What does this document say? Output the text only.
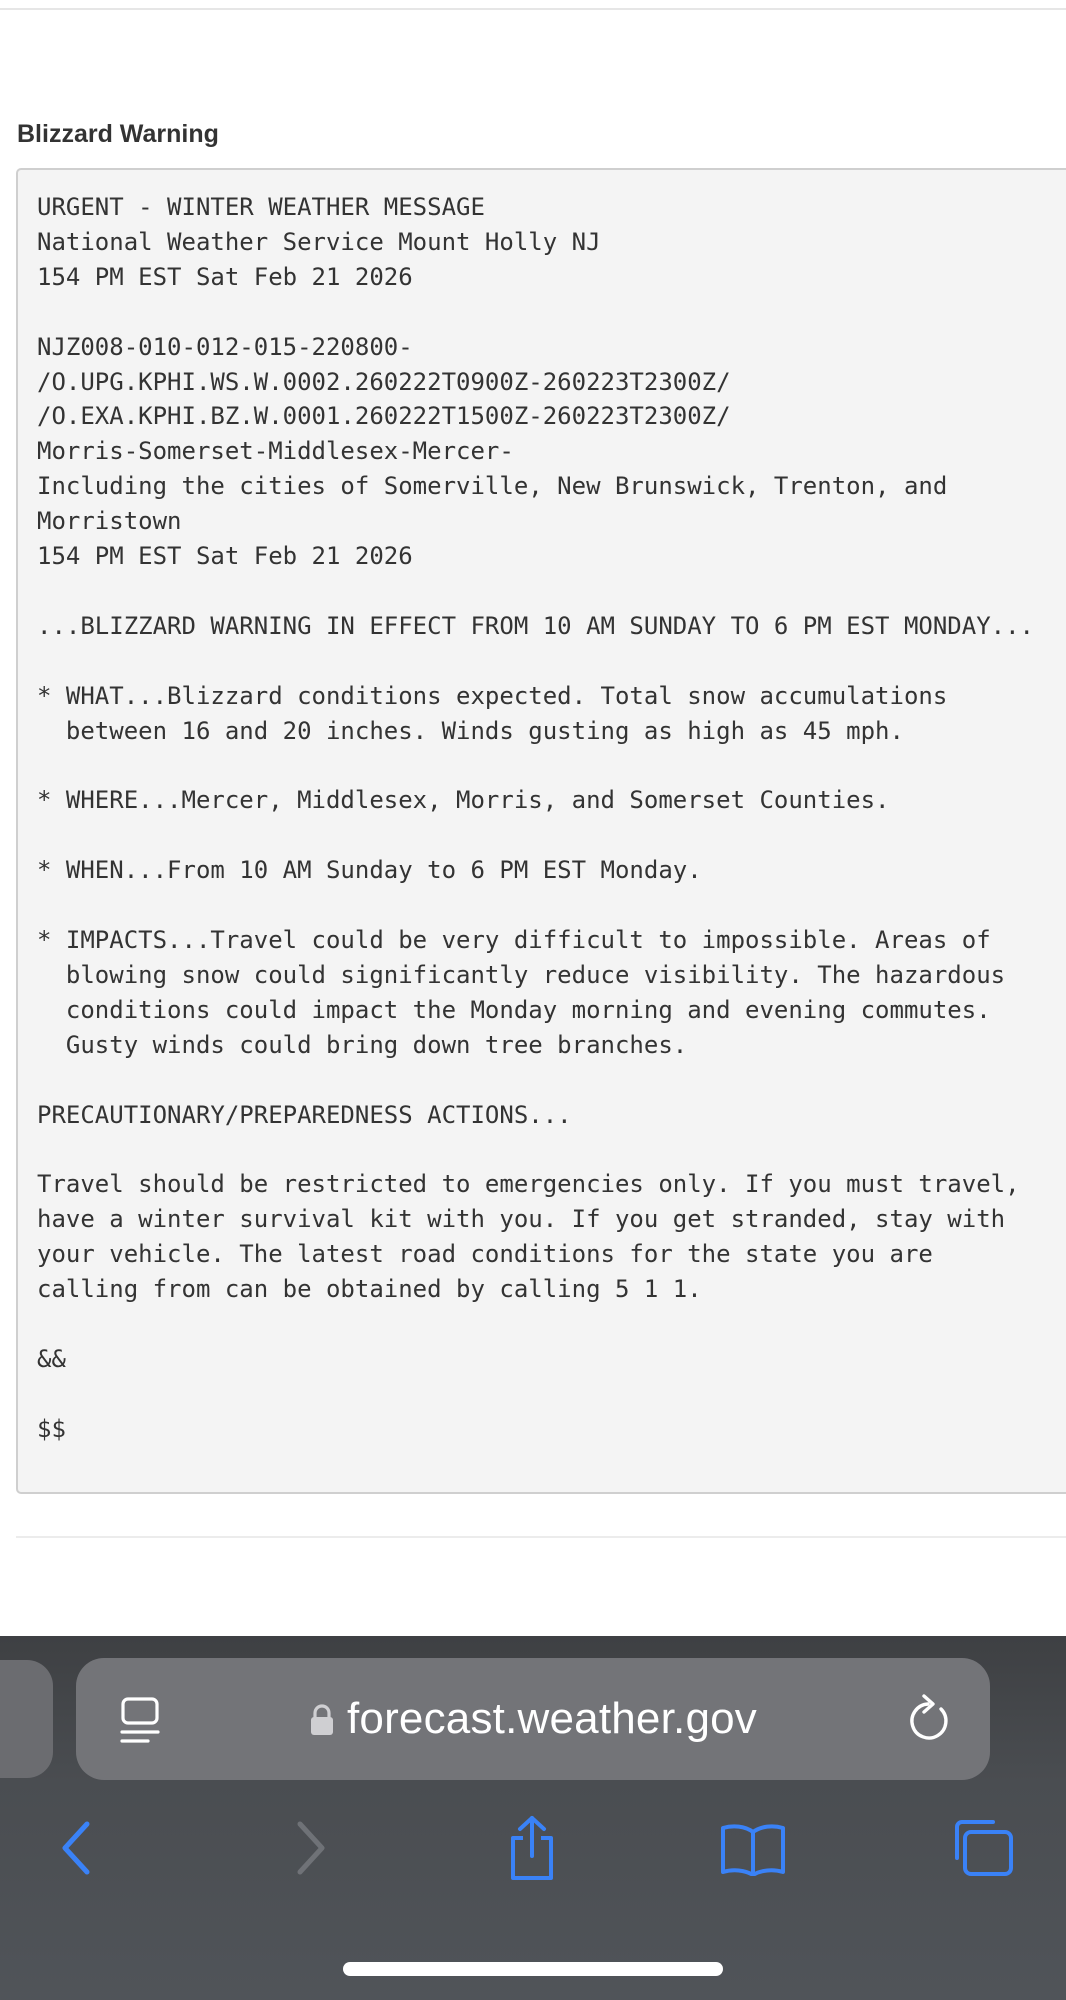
Blizzard Warning
URGENT - WINTER WEATHER MESSAGE
National Weather Service Mount Holly NJ
154 PM EST Sat Feb 21 2026

NJZ008-010-012-015-220800-
/O.UPG.KPHI.WS.W.0002.260222T0900Z-260223T2300Z/
/O.EXA.KPHI.BZ.W.0001.260222T1500Z-260223T2300Z/
Morris-Somerset-Middlesex-Mercer-
Including the cities of Somerville, New Brunswick, Trenton, and
Morristown
154 PM EST Sat Feb 21 2026

...BLIZZARD WARNING IN EFFECT FROM 10 AM SUNDAY TO 6 PM EST MONDAY...

* WHAT...Blizzard conditions expected. Total snow accumulations
between 16 and 20 inches. Winds gusting as high as 45 mph.

* WHERE...Mercer, Middlesex, Morris, and Somerset Counties.

* WHEN...From 10 AM Sunday to 6 PM EST Monday.

* IMPACTS...Travel could be very difficult to impossible. Areas of
blowing snow could significantly reduce visibility. The hazardous
conditions could impact the Monday morning and evening commutes.
Gusty winds could bring down tree branches.

PRECAUTIONARY/PREPAREDNESS ACTIONS...

Travel should be restricted to emergencies only. If you must travel,
have a winter survival kit with you. If you get stranded, stay with
your vehicle. The latest road conditions for the state you are
calling from can be obtained by calling 5 1 1.

&&

$$
forecast.weather.gov
